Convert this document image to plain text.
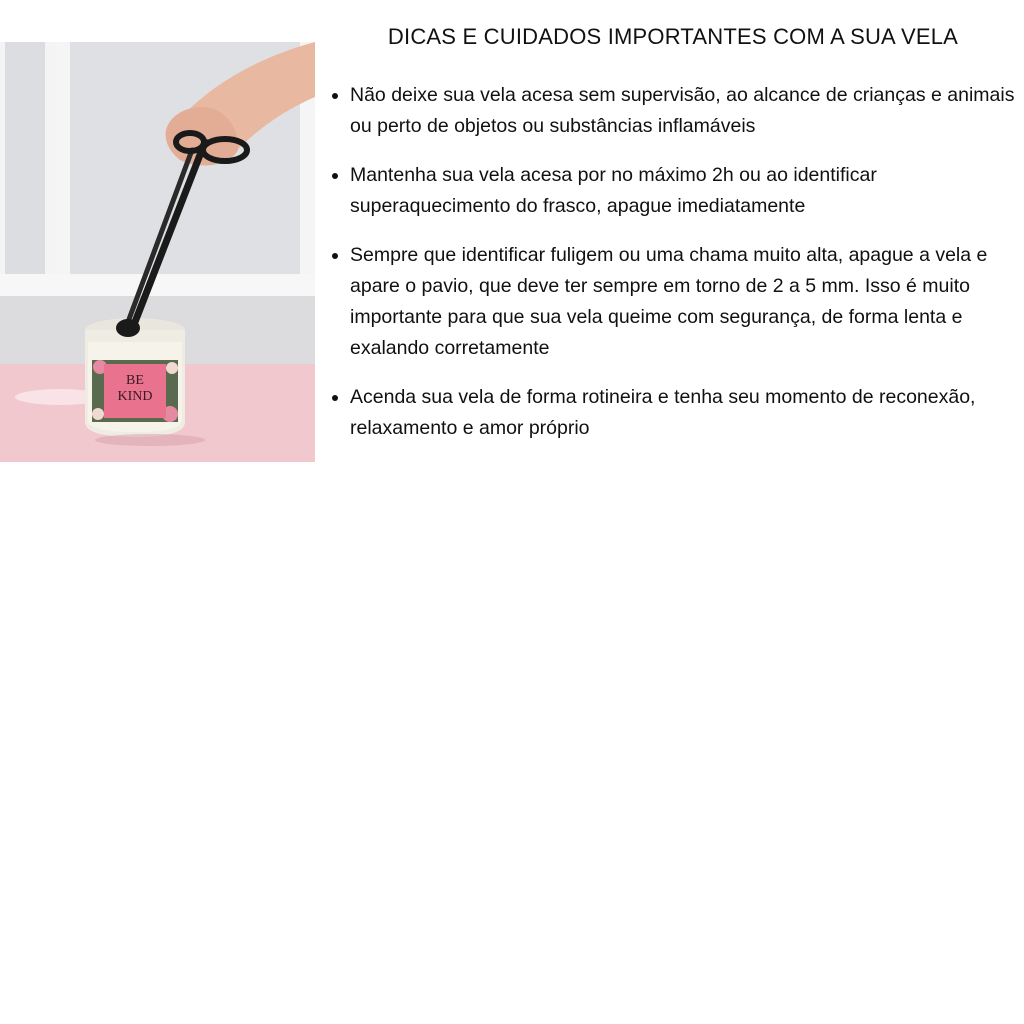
BE
KIND
DICAS E CUIDADOS IMPORTANTES COM A SUA VELA
• Não deixe sua vela acesa sem supervisão, ao alcance de crianças e animais ou perto de objetos ou substâncias inflamáveis
• Mantenha sua vela acesa por no máximo 2h ou ao identificar superaquecimento do frasco, apague imediatamente
• Sempre que identificar fuligem ou uma chama muito alta, apague a vela e apare o pavio, que deve ter sempre em torno de 2 a 5 mm. Isso é muito importante para que sua vela queime com segurança, de forma lenta e exalando corretamente
• Acenda sua vela de forma rotineira e tenha seu momento de reconexão, relaxamento e amor próprio
